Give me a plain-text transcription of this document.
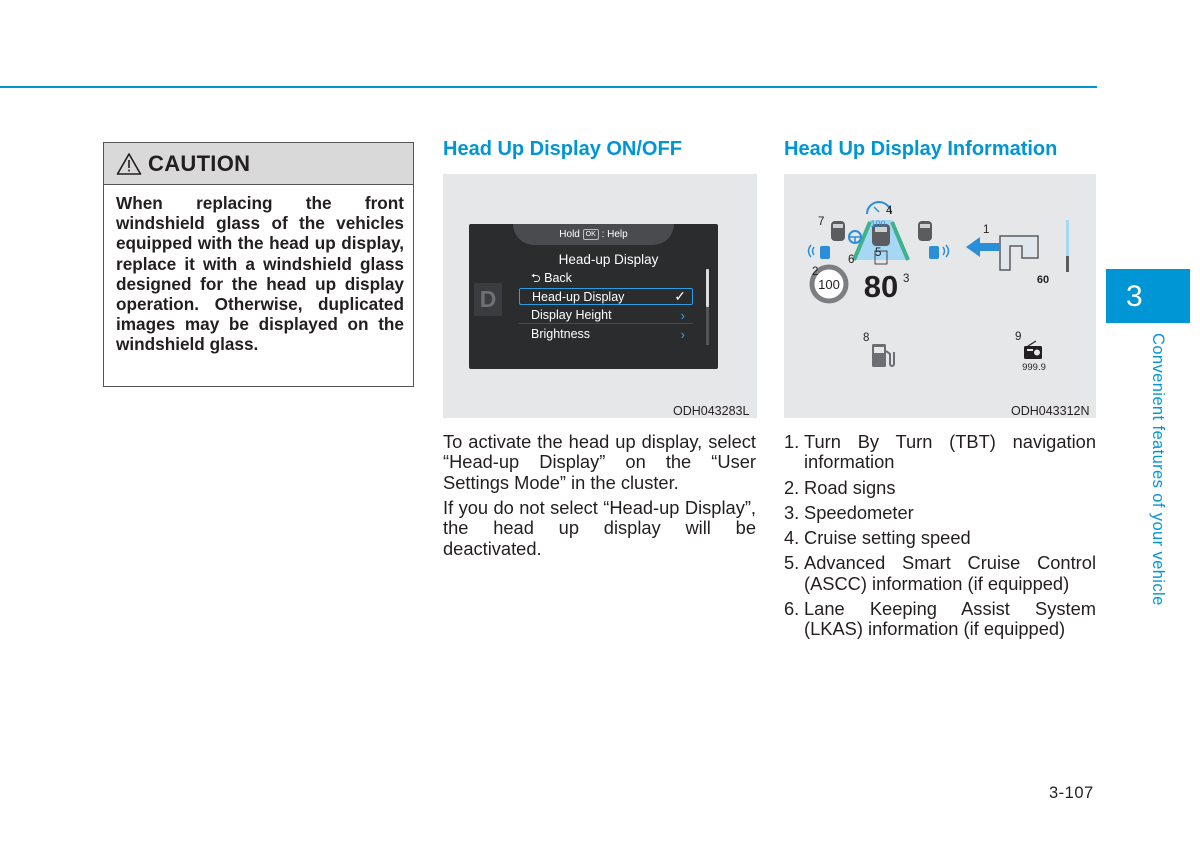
CAUTION
When replacing the front windshield glass of the vehicles equipped with the head up display, replace it with a windshield glass designed for the head up display operation. Otherwise, duplicated images may be displayed on the windshield glass.
Head Up Display ON/OFF
Hold OK : Help
D
Head-up Display
⮌ Back
Head-up Display	✓
Display Height	›
Brightness	›
ODH043283L
To activate the head up display, select “Head-up Display” on the “User Settings Mode” in the cluster.
If you do not select “Head-up Display”, the head up display will be deactivated.
Head Up Display Information
100
100 80	60
999.9
1
2
3
4
5
6
7
8	9
ODH043312N
1. Turn By Turn (TBT) navigation information
2. Road signs
3. Speedometer
4. Cruise setting speed
5. Advanced Smart Cruise Control (ASCC) information (if equipped)
6. Lane Keeping Assist System (LKAS) information (if equipped)
3
Convenient features of your vehicle
3-107
